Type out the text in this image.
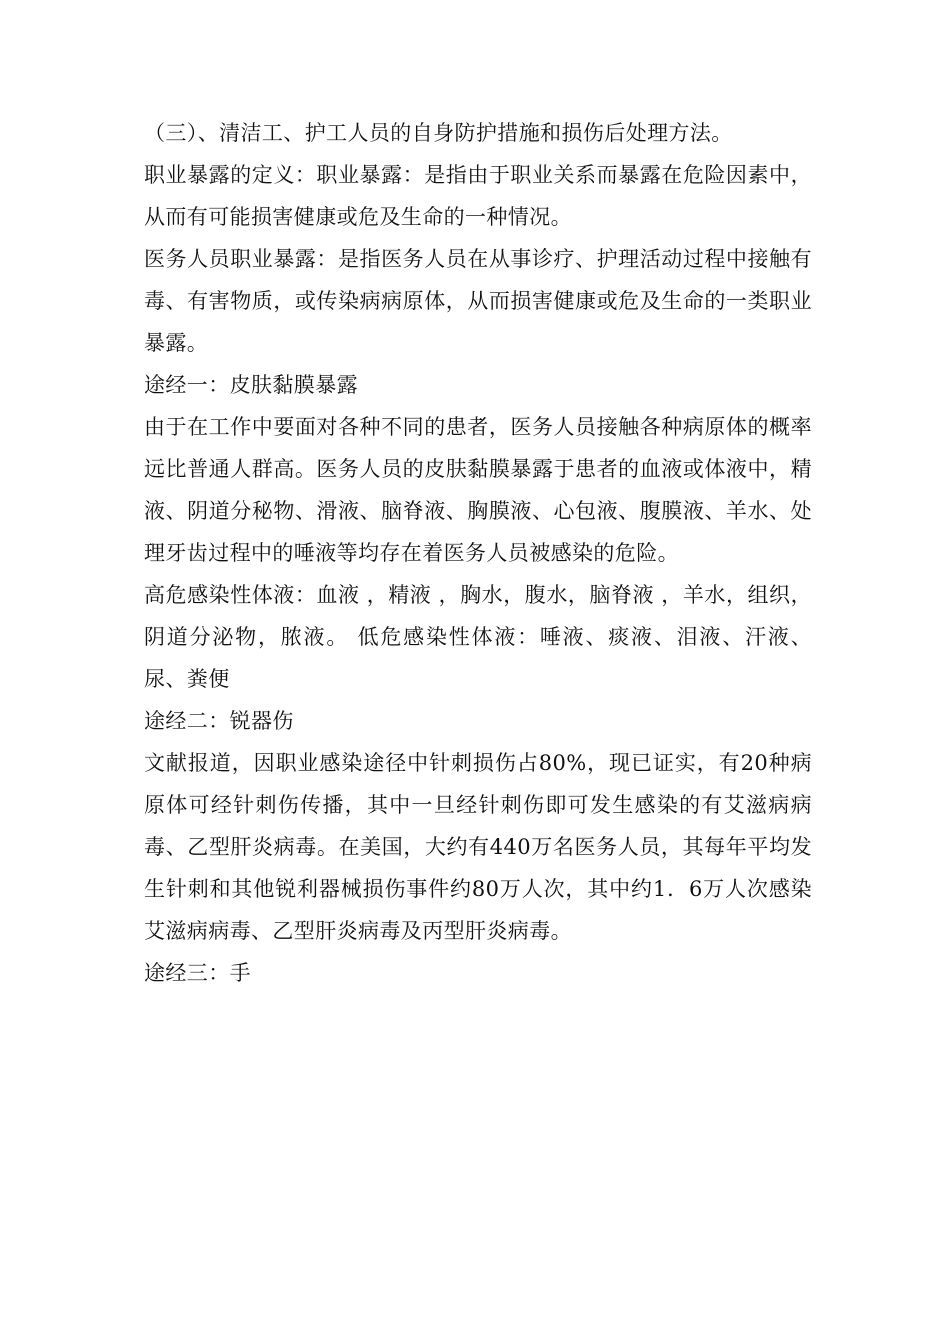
（三）、清洁工、护工人员的自身防护措施和损伤后处理方法。

职业暴露的定义：职业暴露：是指由于职业关系而暴露在危险因素中，从而有可能损害健康或危及生命的一种情况。

医务人员职业暴露：是指医务人员在从事诊疗、护理活动过程中接触有毒、有害物质，或传染病病原体，从而损害健康或危及生命的一类职业暴露。

途经一：皮肤黏膜暴露

由于在工作中要面对各种不同的患者，医务人员接触各种病原体的概率远比普通人群高。医务人员的皮肤黏膜暴露于患者的血液或体液中，精液、阴道分秘物、滑液、脑脊液、胸膜液、心包液、腹膜液、羊水、处理牙齿过程中的唾液等均存在着医务人员被感染的危险。

高危感染性体液：血液 ，精液 ，胸水，腹水，脑脊液 ，羊水，组织，阴道分泌物，脓液。 低危感染性体液：唾液、痰液、泪液、汗液、尿、粪便

途经二：锐器伤

文献报道，因职业感染途径中针刺损伤占80%，现已证实，有20种病原体可经针刺伤传播，其中一旦经针刺伤即可发生感染的有艾滋病病毒、乙型肝炎病毒。在美国，大约有440万名医务人员，其每年平均发生针刺和其他锐利器械损伤事件约80万人次，其中约1．6万人次感染艾滋病病毒、乙型肝炎病毒及丙型肝炎病毒。

途经三：手
